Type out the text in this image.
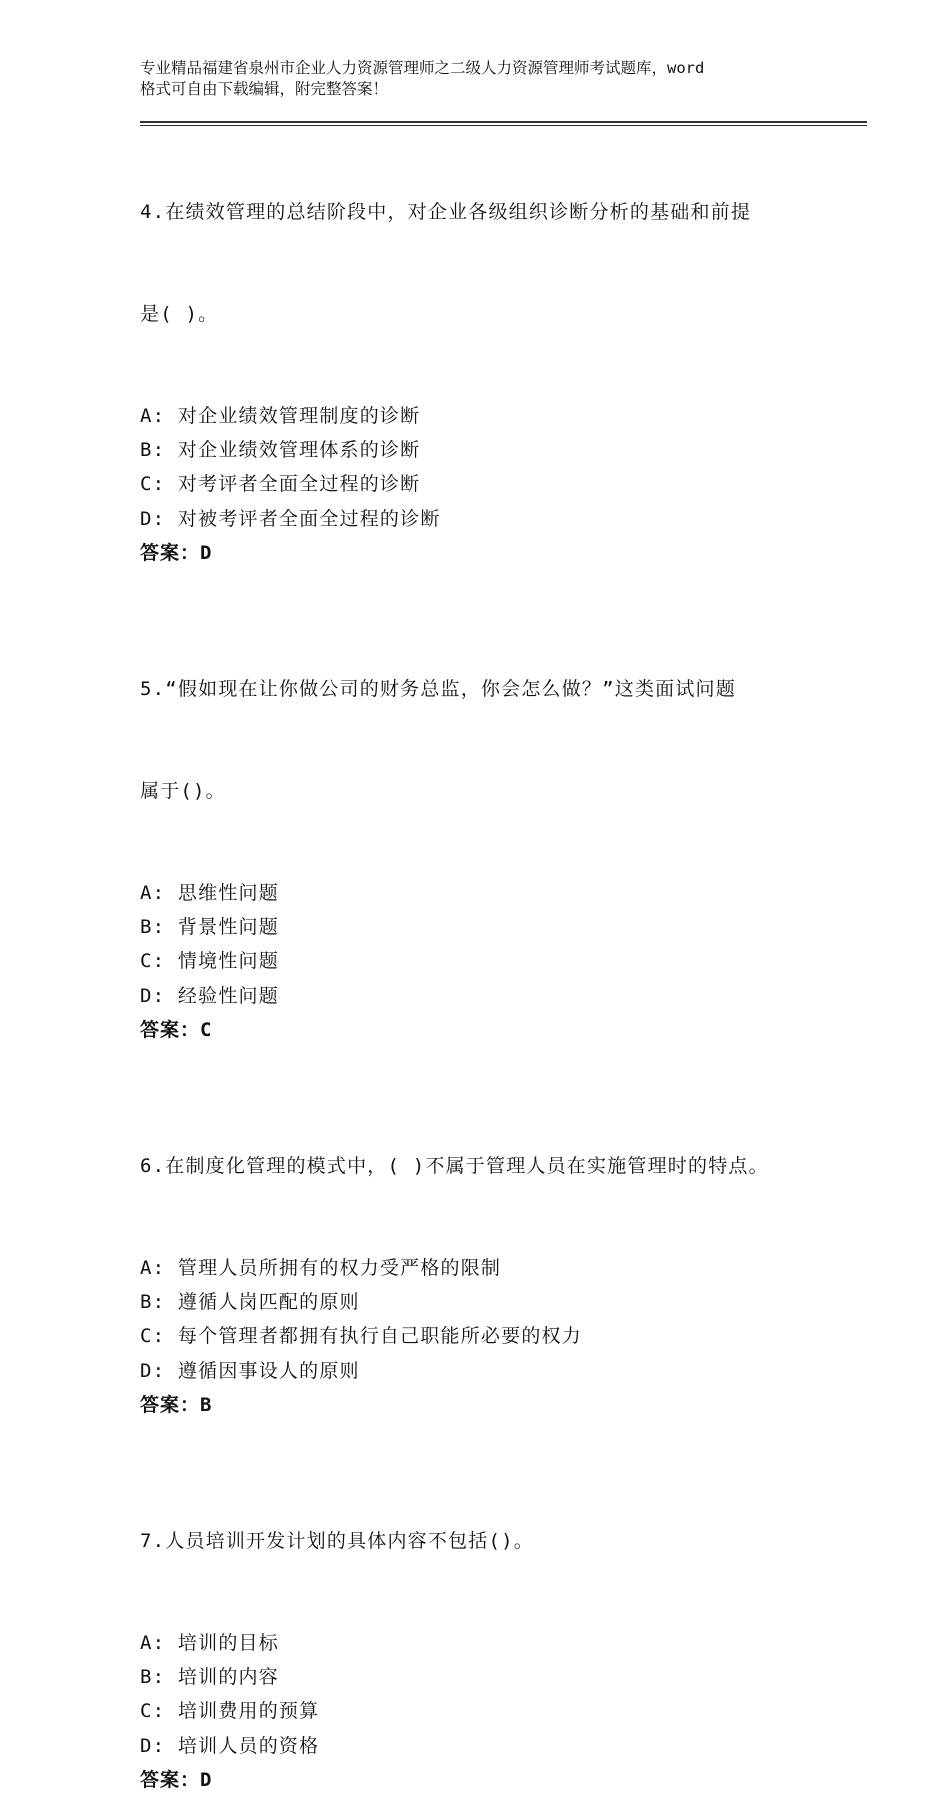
专业精品福建省泉州市企业人力资源管理师之二级人力资源管理师考试题库，word
格式可自由下载编辑，附完整答案！

4.在绩效管理的总结阶段中，对企业各级组织诊断分析的基础和前提

是( )。

A: 对企业绩效管理制度的诊断
B: 对企业绩效管理体系的诊断
C: 对考评者全面全过程的诊断
D: 对被考评者全面全过程的诊断
答案：D

5.“假如现在让你做公司的财务总监，你会怎么做？”这类面试问题

属于()。

A: 思维性问题
B: 背景性问题
C: 情境性问题
D: 经验性问题
答案：C

6.在制度化管理的模式中，( )不属于管理人员在实施管理时的特点。

A: 管理人员所拥有的权力受严格的限制
B: 遵循人岗匹配的原则
C: 每个管理者都拥有执行自己职能所必要的权力
D: 遵循因事设人的原则
答案：B

7.人员培训开发计划的具体内容不包括()。

A: 培训的目标
B: 培训的内容
C: 培训费用的预算
D: 培训人员的资格
答案：D
